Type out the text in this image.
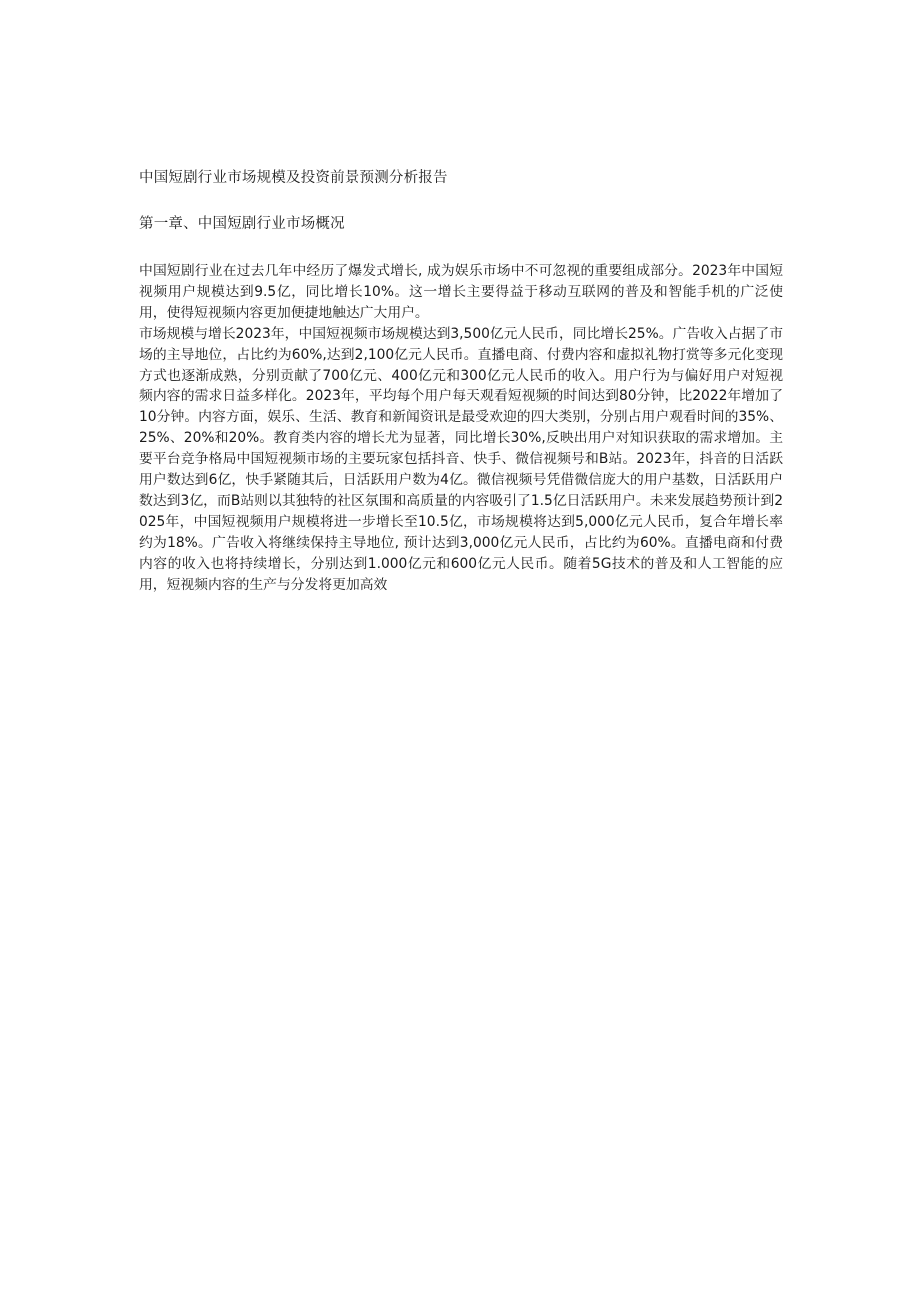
中国短剧行业市场规模及投资前景预测分析报告
第一章、中国短剧行业市场概况

中国短剧行业在过去几年中经历了爆发式增长, 成为娱乐市场中不可忽视的重要组成部分。2023年中国短视频用户规模达到9.5亿，同比增长10%。这一增长主要得益于移动互联网的普及和智能手机的广泛使用，使得短视频内容更加便捷地触达广大用户。

市场规模与增长2023年，中国短视频市场规模达到3,500亿元人民币，同比增长25%。广告收入占据了市场的主导地位，占比约为60%,达到2,100亿元人民币。直播电商、付费内容和虚拟礼物打赏等多元化变现方式也逐渐成熟，分别贡献了700亿元、400亿元和300亿元人民币的收入。用户行为与偏好用户对短视频内容的需求日益多样化。2023年，平均每个用户每天观看短视频的时间达到80分钟，比2022年增加了10分钟。内容方面，娱乐、生活、教育和新闻资讯是最受欢迎的四大类别，分别占用户观看时间的35%、25%、20%和20%。教育类内容的增长尤为显著，同比增长30%,反映出用户对知识获取的需求增加。主要平台竞争格局中国短视频市场的主要玩家包括抖音、快手、微信视频号和B站。2023年，抖音的日活跃用户数达到6亿，快手紧随其后，日活跃用户数为4亿。微信视频号凭借微信庞大的用户基数，日活跃用户数达到3亿，而B站则以其独特的社区氛围和高质量的内容吸引了1.5亿日活跃用户。未来发展趋势预计到2025年，中国短视频用户规模将进一步增长至10.5亿，市场规模将达到5,000亿元人民币，复合年增长率约为18%。广告收入将继续保持主导地位, 预计达到3,000亿元人民币，占比约为60%。直播电商和付费内容的收入也将持续增长，分别达到1.000亿元和600亿元人民币。随着5G技术的普及和人工智能的应用，短视频内容的生产与分发将更加高效
